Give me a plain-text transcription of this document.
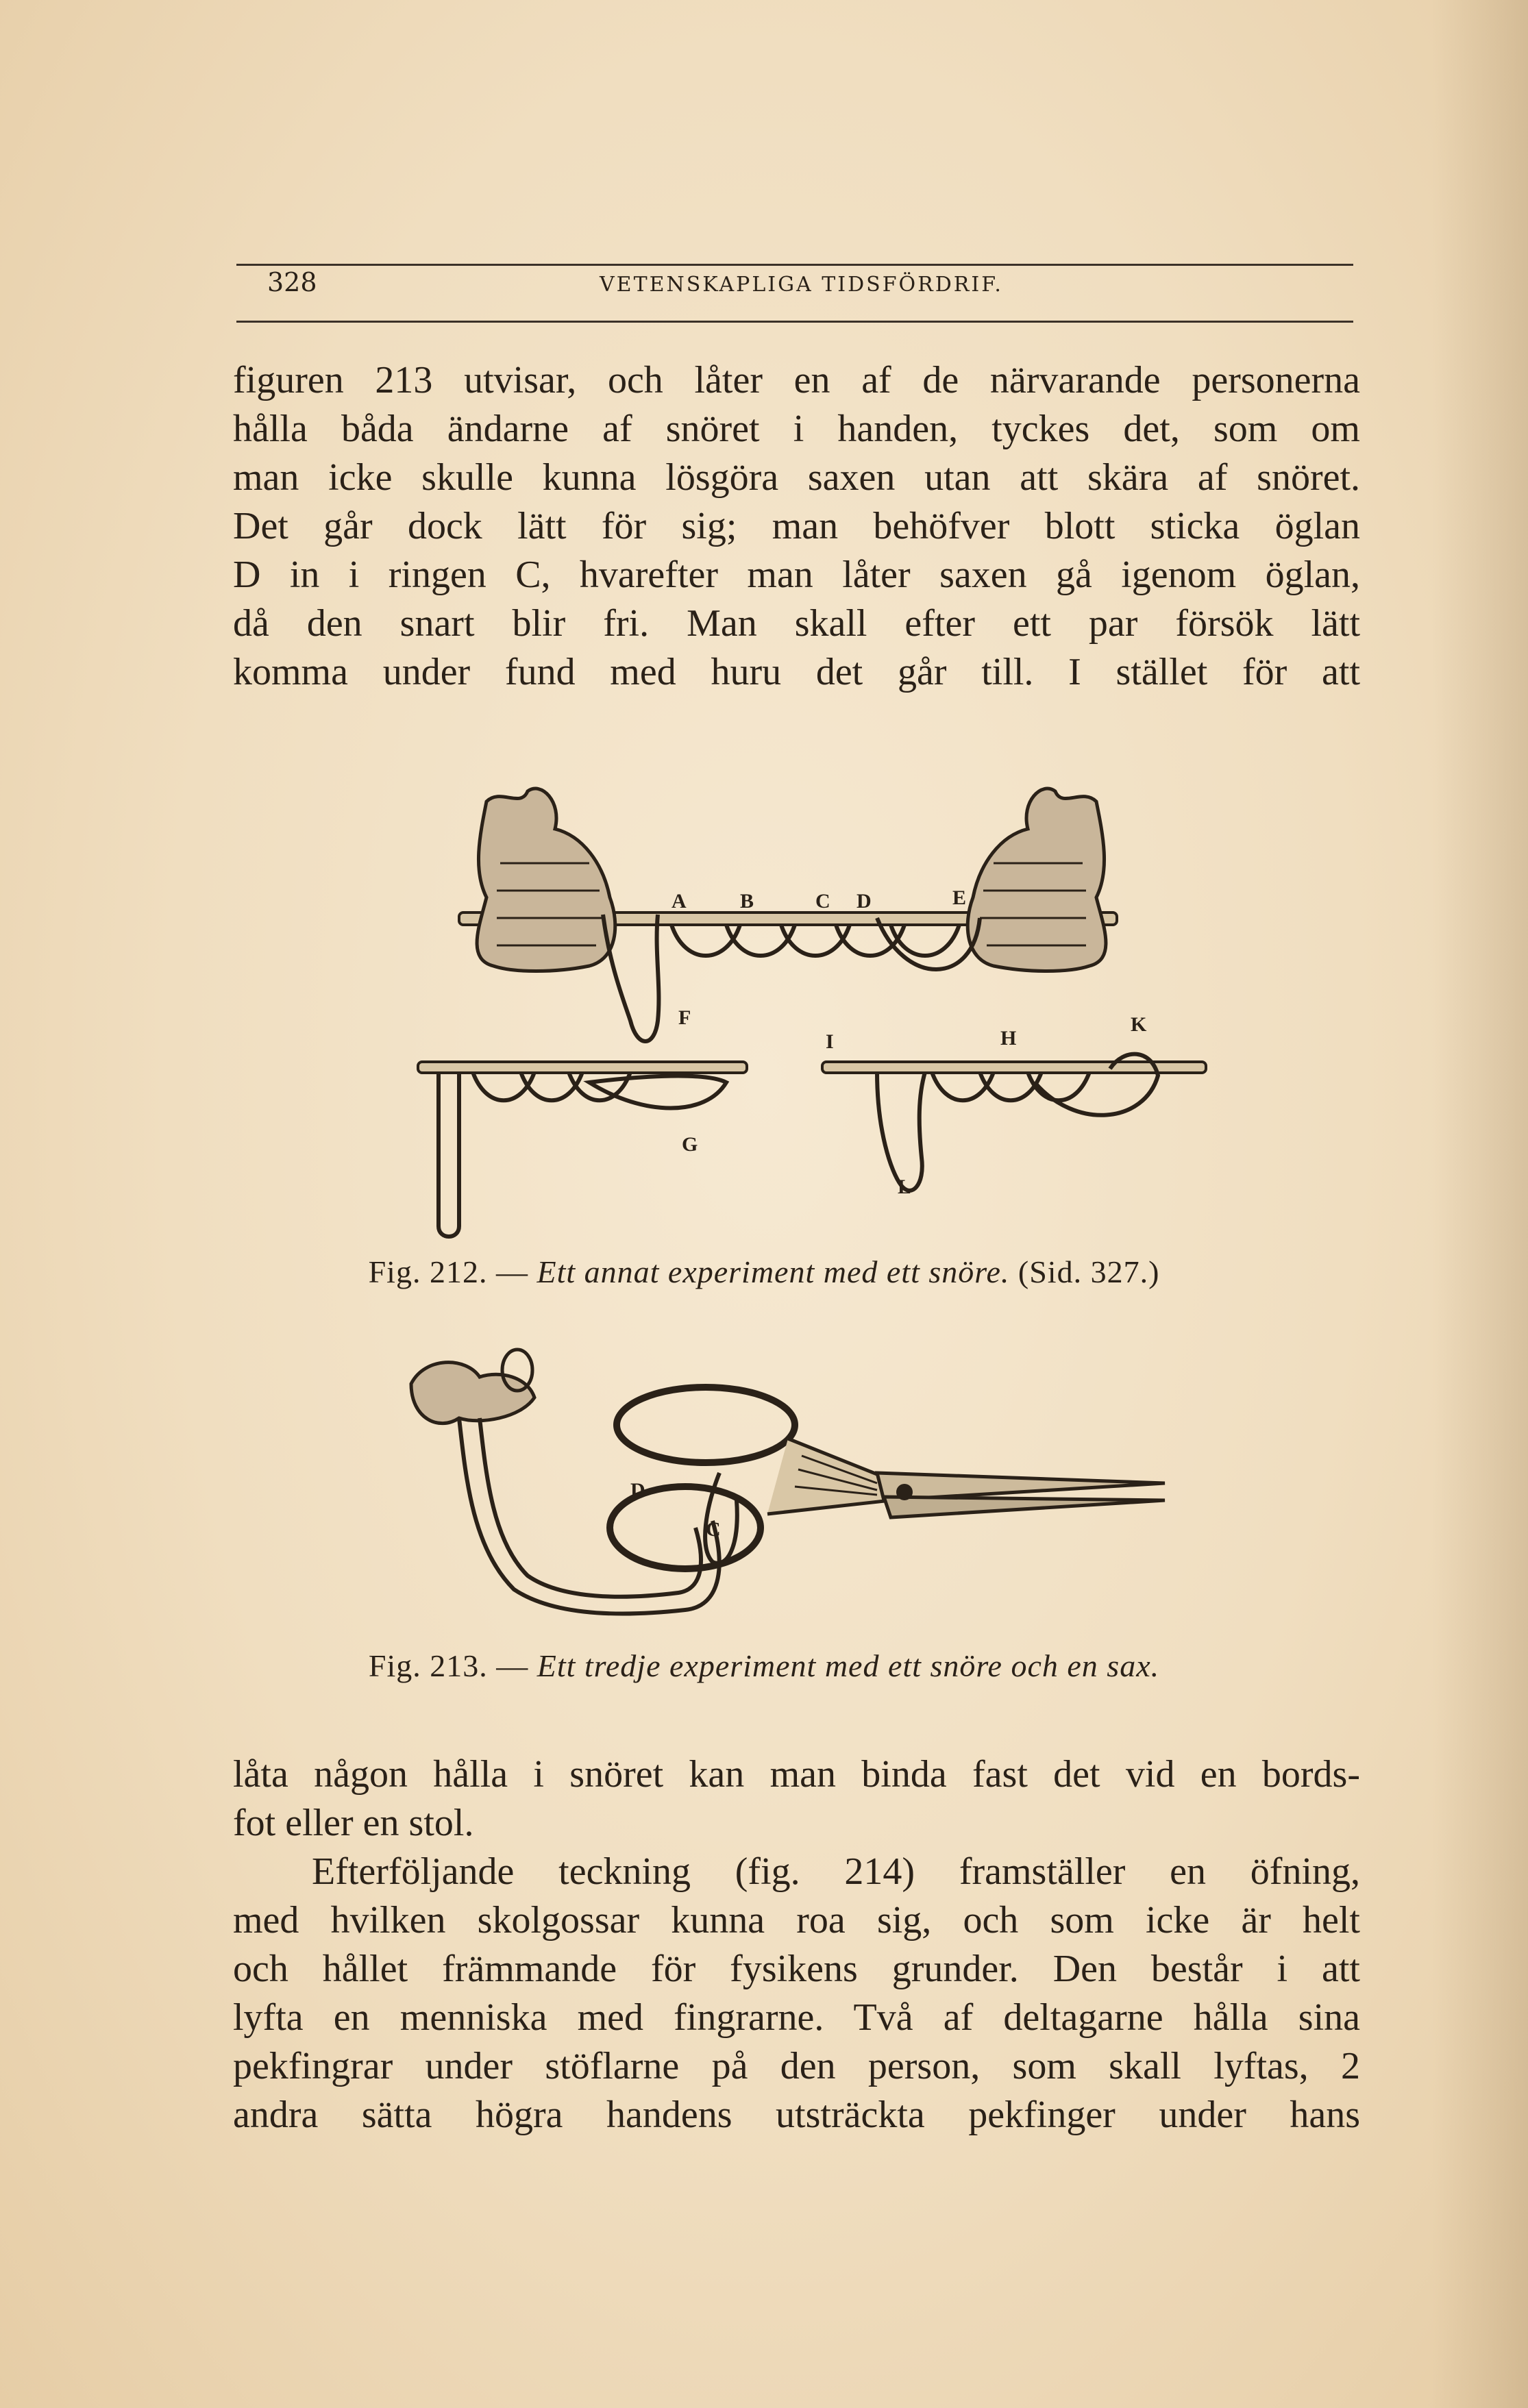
328	VETENSKAPLIGA TIDSFÖRDRIF.

figuren 213 utvisar, och låter en af de närvarande personerna

hålla båda ändarne af snöret i handen, tyckes det, som om

man icke skulle kunna lösgöra saxen utan att skära af snöret.

Det går dock lätt för sig; man behöfver blott sticka öglan

D in i ringen C, hvarefter man låter saxen gå igenom öglan,

då den snart blir fri. Man skall efter ett par försök lätt

komma under fund med huru det går till. I stället för att

A	B	C D	E
F
G
I	H
K
L
Fig. 212. — Ett annat experiment med ett snöre. (Sid. 327.)
D
C
Fig. 213. — Ett tredje experiment med ett snöre och en sax.

låta någon hålla i snöret kan man binda fast det vid en bords-

fot eller en stol.

Efterföljande teckning (fig. 214) framställer en öfning,

med hvilken skolgossar kunna roa sig, och som icke är helt

och hållet främmande för fysikens grunder. Den består i att

lyfta en menniska med fingrarne. Två af deltagarne hålla sina

pekfingrar under stöflarne på den person, som skall lyftas, 2

andra sätta högra handens utsträckta pekfinger under hans
